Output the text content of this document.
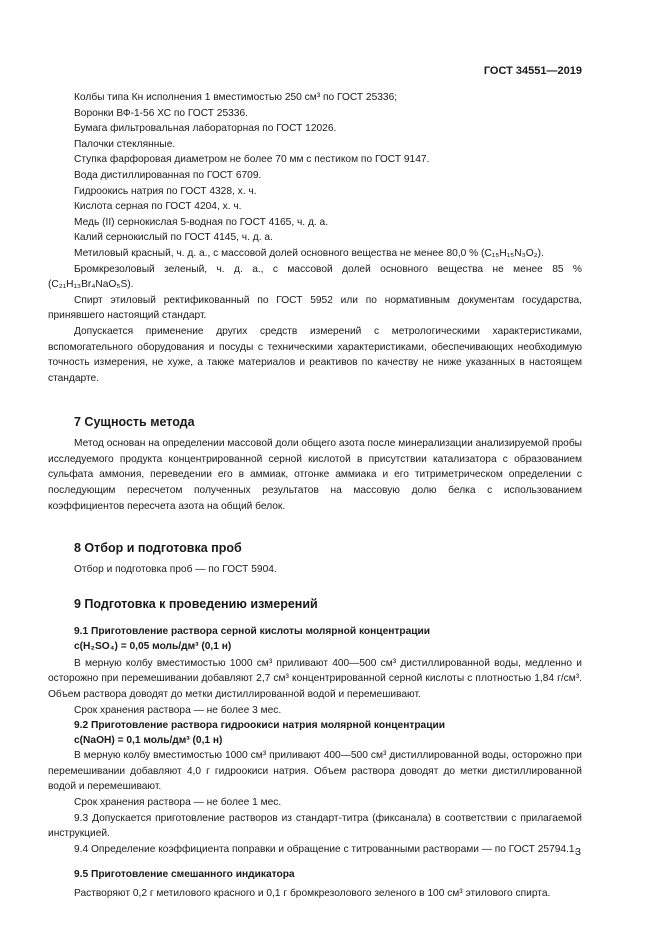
ГОСТ 34551—2019

Колбы типа Кн исполнения 1 вместимостью 250 см³ по ГОСТ 25336;

Воронки ВФ-1-56 ХС по ГОСТ 25336.

Бумага фильтровальная лабораторная по ГОСТ 12026.

Палочки стеклянные.

Ступка фарфоровая диаметром не более 70 мм с пестиком по ГОСТ 9147.

Вода дистиллированная по ГОСТ 6709.

Гидроокись натрия по ГОСТ 4328, х. ч.

Кислота серная по ГОСТ 4204, х. ч.

Медь (II) сернокислая 5-водная по ГОСТ 4165, ч. д. а.

Калий сернокислый по ГОСТ 4145, ч. д. а.

Метиловый красный, ч. д. а., с массовой долей основного вещества не менее 80,0 % (C₁₅H₁₅N₃O₂).

Бромкрезоловый зеленый, ч. д. а., с массовой долей основного вещества не менее 85 % (C₂₁H₁₃Br₄NaO₅S).

Спирт этиловый ректификованный по ГОСТ 5952 или по нормативным документам государства, принявшего настоящий стандарт.

Допускается применение других средств измерений с метрологическими характеристиками, вспомогательного оборудования и посуды с техническими характеристиками, обеспечивающих необходимую точность измерения, не хуже, а также материалов и реактивов по качеству не ниже указанных в настоящем стандарте.

7 Сущность метода

Метод основан на определении массовой доли общего азота после минерализации анализируемой пробы исследуемого продукта концентрированной серной кислотой в присутствии катализатора с образованием сульфата аммония, переведении его в аммиак, отгонке аммиака и его титриметрическом определении с последующим пересчетом полученных результатов на массовую долю белка с использованием коэффициентов пересчета азота на общий белок.

8 Отбор и подготовка проб

Отбор и подготовка проб — по ГОСТ 5904.

9 Подготовка к проведению измерений
9.1 Приготовление раствора серной кислоты молярной концентрации
c(H₂SO₄) = 0,05 моль/дм³ (0,1 н)

В мерную колбу вместимостью 1000 см³ приливают 400—500 см³ дистиллированной воды, медленно и осторожно при перемешивании добавляют 2,7 см³ концентрированной серной кислоты с плотностью 1,84 г/см³. Объем раствора доводят до метки дистиллированной водой и перемешивают.

Срок хранения раствора — не более 3 мес.

9.2 Приготовление раствора гидроокиси натрия молярной концентрации
c(NaOH) = 0,1 моль/дм³ (0,1 н)

В мерную колбу вместимостью 1000 см³ приливают 400—500 см³ дистиллированной воды, осторожно при перемешивании добавляют 4,0 г гидроокиси натрия. Объем раствора доводят до метки дистиллированной водой и перемешивают.

Срок хранения раствора — не более 1 мес.

9.3 Допускается приготовление растворов из стандарт-титра (фиксанала) в соответствии с прилагаемой инструкцией.

9.4 Определение коэффициента поправки и обращение с титрованными растворами — по ГОСТ 25794.1.

9.5 Приготовление смешанного индикатора

Растворяют 0,2 г метилового красного и 0,1 г бромкрезолового зеленого в 100 см³ этилового спирта.

3
